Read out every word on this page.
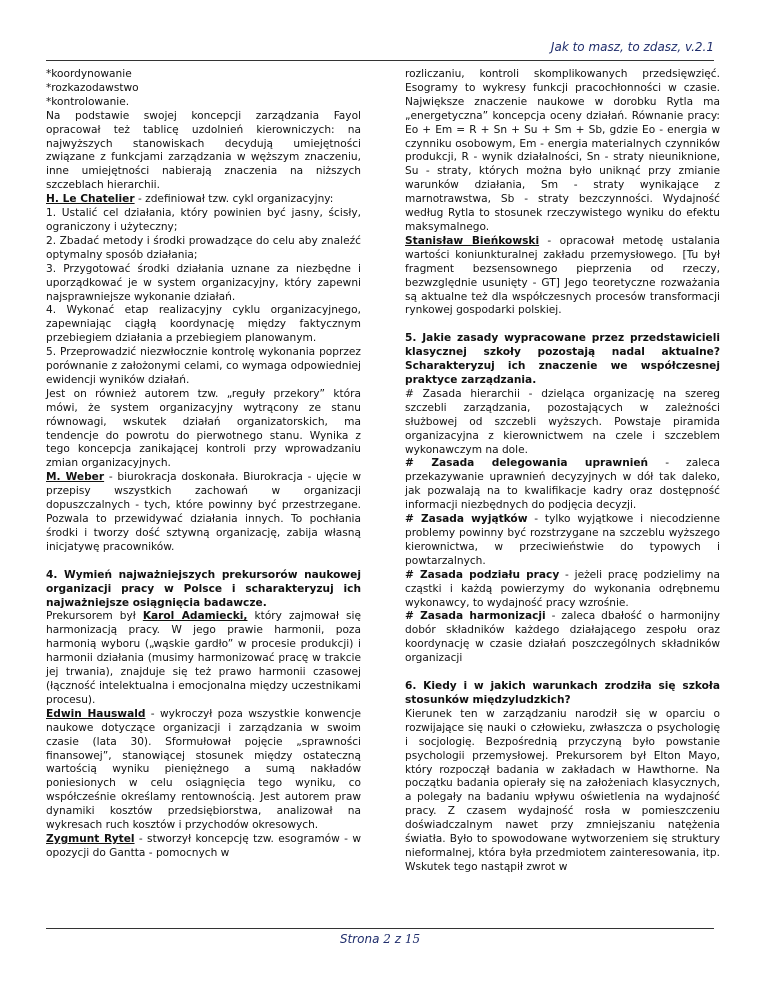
Jak to masz, to zdasz, v.2.1

*koordynowanie

*rozkazodawstwo

*kontrolowanie.

Na podstawie swojej koncepcji zarządzania Fayol opracował też tablicę uzdolnień kierowniczych: na najwyższych stanowiskach decydują umiejętności związane z funkcjami zarządzania w węższym znaczeniu, inne umiejętności nabierają znaczenia na niższych szczeblach hierarchii.

H. Le Chatelier - zdefiniował tzw. cykl organizacyjny:

1. Ustalić cel działania, który powinien być jasny, ścisły, ograniczony i użyteczny;

2. Zbadać metody i środki prowadzące do celu aby znaleźć optymalny sposób działania;

3. Przygotować środki działania uznane za niezbędne i uporządkować je w system organizacyjny, który zapewni najsprawniejsze wykonanie działań.

4. Wykonać etap realizacyjny cyklu organizacyjnego, zapewniając ciągłą koordynację między faktycznym przebiegiem działania a przebiegiem planowanym.

5. Przeprowadzić niezwłocznie kontrolę wykonania poprzez porównanie z założonymi celami, co wymaga odpowiedniej ewidencji wyników działań.

Jest on również autorem tzw. „reguły przekory” która mówi, że system organizacyjny wytrącony ze stanu równowagi, wskutek działań organizatorskich, ma tendencje do powrotu do pierwotnego stanu. Wynika z tego koncepcja zanikającej kontroli przy wprowadzaniu zmian organizacyjnych.

M. Weber - biurokracja doskonała. Biurokracja - ujęcie w przepisy wszystkich zachowań w organizacji dopuszczalnych - tych, które powinny być przestrzegane. Pozwala to przewidywać działania innych. To pochłania środki i tworzy dość sztywną organizację, zabija własną inicjatywę pracowników.

4. Wymień najważniejszych prekursorów naukowej organizacji pracy w Polsce i scharakteryzuj ich najważniejsze osiągnięcia badawcze.

Prekursorem był Karol Adamiecki, który zajmował się harmonizacją pracy. W jego prawie harmonii, poza harmonią wyboru („wąskie gardło” w procesie produkcji) i harmonii działania (musimy harmonizować pracę w trakcie jej trwania), znajduje się też prawo harmonii czasowej (łączność intelektualna i emocjonalna między uczestnikami procesu).

Edwin Hauswald - wykroczył poza wszystkie konwencje naukowe dotyczące organizacji i zarządzania w swoim czasie (lata 30). Sformułował pojęcie „sprawności finansowej”, stanowiącej stosunek między ostateczną wartością wyniku pieniężnego a sumą nakładów poniesionych w celu osiągnięcia tego wyniku, co współcześnie określamy rentownością. Jest autorem praw dynamiki kosztów przedsiębiorstwa, analizował na wykresach ruch kosztów i przychodów okresowych.

Zygmunt Rytel - stworzył koncepcję tzw. esogramów - w opozycji do Gantta - pomocnych w

rozliczaniu, kontroli skomplikowanych przedsięwzięć. Esogramy to wykresy funkcji pracochłonności w czasie. Największe znaczenie naukowe w dorobku Rytla ma „energetyczna” koncepcja oceny działań. Równanie pracy: Eo + Em = R + Sn + Su + Sm + Sb, gdzie Eo - energia w czynniku osobowym, Em - energia materialnych czynników produkcji, R - wynik działalności, Sn - straty nieuniknione, Su - straty, których można było uniknąć przy zmianie warunków działania, Sm - straty wynikające z marnotrawstwa, Sb - straty bezczynności. Wydajność według Rytla to stosunek rzeczywistego wyniku do efektu maksymalnego.

Stanisław Bieńkowski - opracował metodę ustalania wartości koniunkturalnej zakładu przemysłowego. [Tu był fragment bezsensownego pieprzenia od rzeczy, bezwzględnie usunięty - GT] Jego teoretyczne rozważania są aktualne też dla współczesnych procesów transformacji rynkowej gospodarki polskiej.

5. Jakie zasady wypracowane przez przedstawicieli klasycznej szkoły pozostają nadal aktualne? Scharakteryzuj ich znaczenie we współczesnej praktyce zarządzania.

# Zasada hierarchii - dzieląca organizację na szereg szczebli zarządzania, pozostających w zależności służbowej od szczebli wyższych. Powstaje piramida organizacyjna z kierownictwem na czele i szczeblem wykonawczym na dole.

# Zasada delegowania uprawnień - zaleca przekazywanie uprawnień decyzyjnych w dół tak daleko, jak pozwalają na to kwalifikacje kadry oraz dostępność informacji niezbędnych do podjęcia decyzji.

# Zasada wyjątków - tylko wyjątkowe i niecodzienne problemy powinny być rozstrzygane na szczeblu wyższego kierownictwa, w przeciwieństwie do typowych i powtarzalnych.

# Zasada podziału pracy - jeżeli pracę podzielimy na cząstki i każdą powierzymy do wykonania odrębnemu wykonawcy, to wydajność pracy wzrośnie.

# Zasada harmonizacji - zaleca dbałość o harmonijny dobór składników każdego działającego zespołu oraz koordynację w czasie działań poszczególnych składników organizacji

6. Kiedy i w jakich warunkach zrodziła się szkoła stosunków międzyludzkich?

Kierunek ten w zarządzaniu narodził się w oparciu o rozwijające się nauki o człowieku, zwłaszcza o psychologię i socjologię. Bezpośrednią przyczyną było powstanie psychologii przemysłowej. Prekursorem był Elton Mayo, który rozpoczął badania w zakładach w Hawthorne. Na początku badania opierały się na założeniach klasycznych, a polegały na badaniu wpływu oświetlenia na wydajność pracy. Z czasem wydajność rosła w pomieszczeniu doświadczalnym nawet przy zmniejszaniu natężenia światła. Było to spowodowane wytworzeniem się struktury nieformalnej, która była przedmiotem zainteresowania, itp. Wskutek tego nastąpił zwrot w

Strona 2 z 15
